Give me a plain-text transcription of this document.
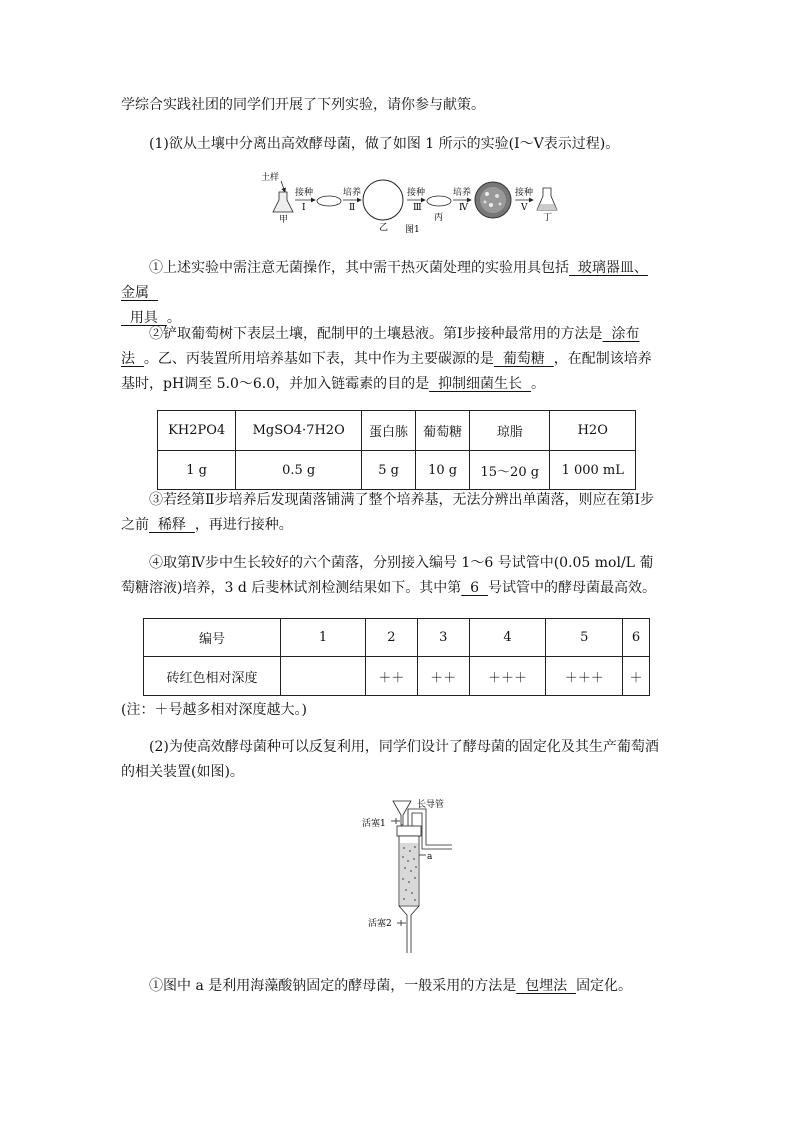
学综合实践社团的同学们开展了下列实验，请你参与献策。
(1)欲从土壤中分离出高效酵母菌，做了如图 1 所示的实验(Ⅰ～Ⅴ表示过程)。
土样
甲
接种
Ⅰ
培养
Ⅱ
乙
接种
Ⅲ
丙
培养
Ⅳ
接种
Ⅴ
丁
图1
①上述实验中需注意无菌操作，其中需干热灭菌处理的实验用具包括 玻璃器皿、金属
用具 。
②铲取葡萄树下表层土壤，配制甲的土壤悬液。第Ⅰ步接种最常用的方法是 涂布法 。乙、丙装置所用培养基如下表，其中作为主要碳源的是 葡萄糖 ，在配制该培养基时，pH调至 5.0～6.0，并加入链霉素的目的是 抑制细菌生长 。
KH2PO4	MgSO4·7H2O	蛋白胨	葡萄糖	琼脂	H2O
1 g	0.5 g	5 g	10 g	15～20 g	1 000 mL
③若经第Ⅱ步培养后发现菌落铺满了整个培养基，无法分辨出单菌落，则应在第Ⅰ步之前 稀释 ，再进行接种。
④取第Ⅳ步中生长较好的六个菌落，分别接入编号 1～6 号试管中(0.05 mol/L 葡萄糖溶液)培养，3 d 后斐林试剂检测结果如下。其中第 6 号试管中的酵母菌最高效。
编号	1	2	3	4	5	6
砖红色相对深度		＋＋	＋＋	＋＋＋	＋＋＋	＋
(注：＋号越多相对深度越大。)
(2)为使高效酵母菌种可以反复利用，同学们设计了酵母菌的固定化及其生产葡萄酒的相关装置(如图)。
长导管
活塞1
a
活塞2
①图中 a 是利用海藻酸钠固定的酵母菌，一般采用的方法是 包埋法 固定化。
